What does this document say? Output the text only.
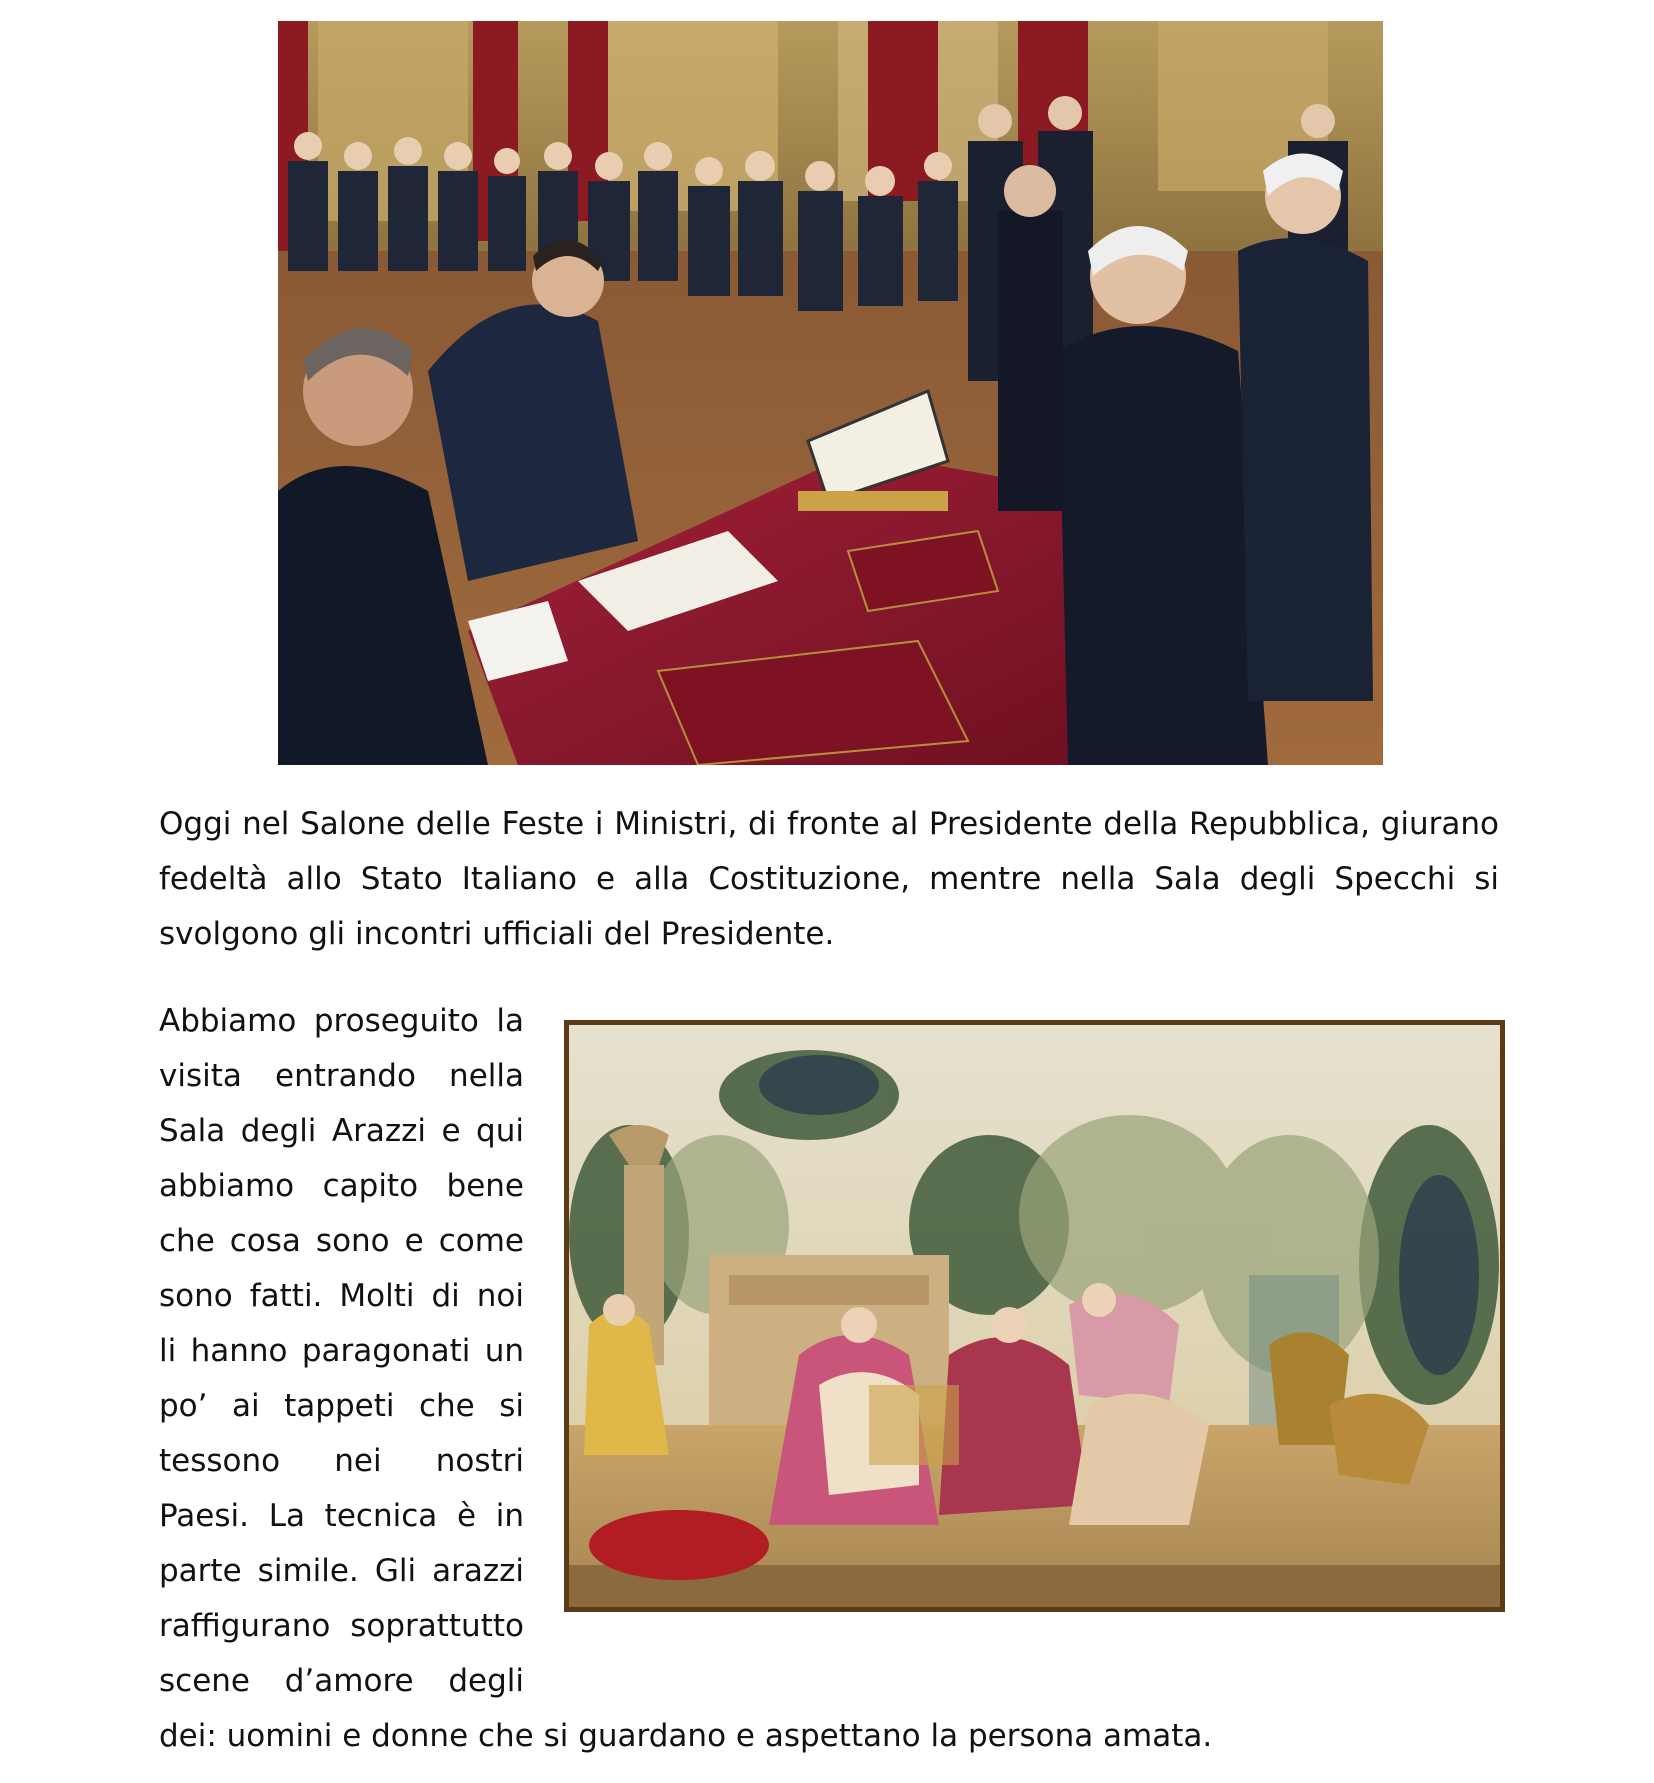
Oggi nel Salone delle Feste i Ministri, di fronte al Presidente della Repubblica, giurano fedeltà allo Stato Italiano e alla Costituzione, mentre nella Sala degli Specchi si svolgono gli incontri ufficiali del Presidente.

Abbiamo proseguito la
visita entrando nella
Sala degli Arazzi e qui
abbiamo capito bene
che cosa sono e come
sono fatti. Molti di noi
li hanno paragonati un
po’ ai tappeti che si
tessono nei nostri
Paesi. La tecnica è in
parte simile. Gli arazzi
raffigurano soprattutto
scene d’amore degli

dei: uomini e donne che si guardano e aspettano la persona amata.
